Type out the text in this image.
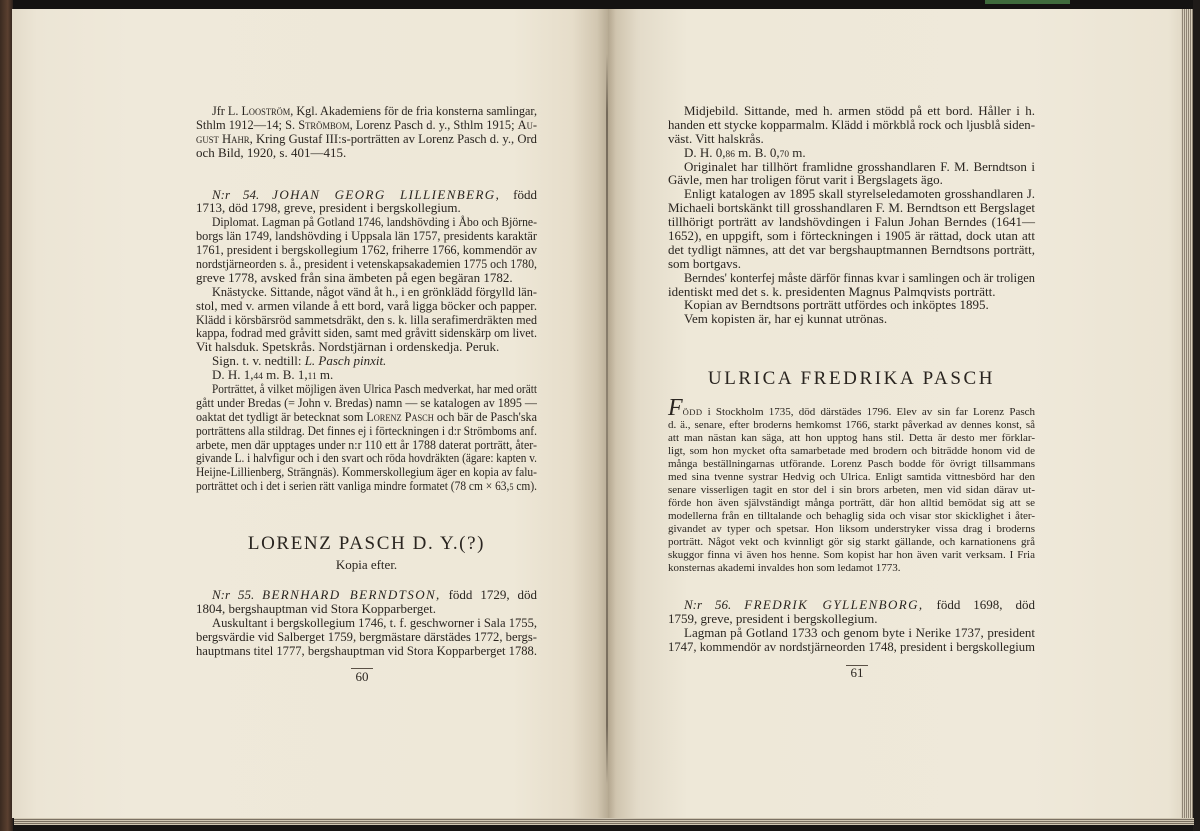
Jfr L. Looström, Kgl. Akademiens för de fria konsterna samlingar,
Sthlm 1912—14; S. Strömbom, Lorenz Pasch d. y., Sthlm 1915; Au-
gust Hahr, Kring Gustaf III:s-porträtten av Lorenz Pasch d. y., Ord
och Bild, 1920, s. 401—415.
N:r 54. JOHAN GEORG LILLIENBERG, född
1713, död 1798, greve, president i bergskollegium.
Diplomat. Lagman på Gotland 1746, landshövding i Åbo och Björne-
borgs län 1749, landshövding i Uppsala län 1757, presidents karaktär
1761, president i bergskollegium 1762, friherre 1766, kommendör av
nordstjärneorden s. å., president i vetenskapsakademien 1775 och 1780,
greve 1778, avsked från sina ämbeten på egen begäran 1782.
Knästycke. Sittande, något vänd åt h., i en grönklädd förgylld län-
stol, med v. armen vilande å ett bord, varå ligga böcker och papper.
Klädd i körsbärsröd sammetsdräkt, den s. k. lilla serafimerdräkten med
kappa, fodrad med gråvitt siden, samt med gråvitt sidenskärp om livet.
Vit halsduk. Spetskrås. Nordstjärnan i ordenskedja. Peruk.
Sign. t. v. nedtill: L. Pasch pinxit.
D. H. 1,44 m. B. 1,11 m.
Porträttet, å vilket möjligen även Ulrica Pasch medverkat, har med orätt
gått under Bredas (= John v. Bredas) namn — se katalogen av 1895 —
oaktat det tydligt är betecknat som Lorenz Pasch och bär de Pasch'ska
porträttens alla stildrag. Det finnes ej i förteckningen i d:r Strömboms anf.
arbete, men där upptages under n:r 110 ett år 1788 daterat porträtt, åter-
givande L. i halvfigur och i den svart och röda hovdräkten (ägare: kapten v.
Heijne-Lillienberg, Strängnäs). Kommerskollegium äger en kopia av falu-
porträttet och i det i serien rätt vanliga mindre formatet (78 cm × 63,5 cm).
LORENZ PASCH D. Y.(?)
Kopia efter.
N:r 55. BERNHARD BERNDTSON, född 1729, död
1804, bergshauptman vid Stora Kopparberget.
Auskultant i bergskollegium 1746, t. f. geschworner i Sala 1755,
bergsvärdie vid Salberget 1759, bergmästare därstädes 1772, bergs-
hauptmans titel 1777, bergshauptman vid Stora Kopparberget 1788.
60
Midjebild. Sittande, med h. armen stödd på ett bord. Håller i h.
handen ett stycke kopparmalm. Klädd i mörkblå rock och ljusblå siden-
väst. Vitt halskrås.
D. H. 0,86 m. B. 0,70 m.
Originalet har tillhört framlidne grosshandlaren F. M. Berndtson i
Gävle, men har troligen förut varit i Bergslagets ägo.
Enligt katalogen av 1895 skall styrelseledamoten grosshandlaren J.
Michaeli bortskänkt till grosshandlaren F. M. Berndtson ett Bergslaget
tillhörigt porträtt av landshövdingen i Falun Johan Berndes (1641—
1652), en uppgift, som i förteckningen i 1905 är rättad, dock utan att
det tydligt nämnes, att det var bergshauptmannen Berndtsons porträtt,
som bortgavs.
Berndes' konterfej måste därför finnas kvar i samlingen och är troligen
identiskt med det s. k. presidenten Magnus Palmqvists porträtt.
Kopian av Berndtsons porträtt utfördes och inköptes 1895.
Vem kopisten är, har ej kunnat utrönas.
ULRICA FREDRIKA PASCH
FÖDD i Stockholm 1735, död därstädes 1796. Elev av sin far Lorenz Pasch
d. ä., senare, efter broderns hemkomst 1766, starkt påverkad av dennes konst, så
att man nästan kan säga, att hon upptog hans stil. Detta är desto mer förklar-
ligt, som hon mycket ofta samarbetade med brodern och biträdde honom vid de
många beställningarnas utförande. Lorenz Pasch bodde för övrigt tillsammans
med sina tvenne systrar Hedvig och Ulrica. Enligt samtida vittnesbörd har den
senare visserligen tagit en stor del i sin brors arbeten, men vid sidan därav ut-
förde hon även självständigt många porträtt, där hon alltid bemödat sig att se
modellerna från en tilltalande och behaglig sida och visar stor skicklighet i åter-
givandet av typer och spetsar. Hon liksom understryker vissa drag i broderns
porträtt. Något vekt och kvinnligt gör sig starkt gällande, och karnationens grå
skuggor finna vi även hos henne. Som kopist har hon även varit verksam. I Fria
konsternas akademi invaldes hon som ledamot 1773.
N:r 56. FREDRIK GYLLENBORG, född 1698, död
1759, greve, president i bergskollegium.
Lagman på Gotland 1733 och genom byte i Nerike 1737, president
1747, kommendör av nordstjärneorden 1748, president i bergskollegium
61
